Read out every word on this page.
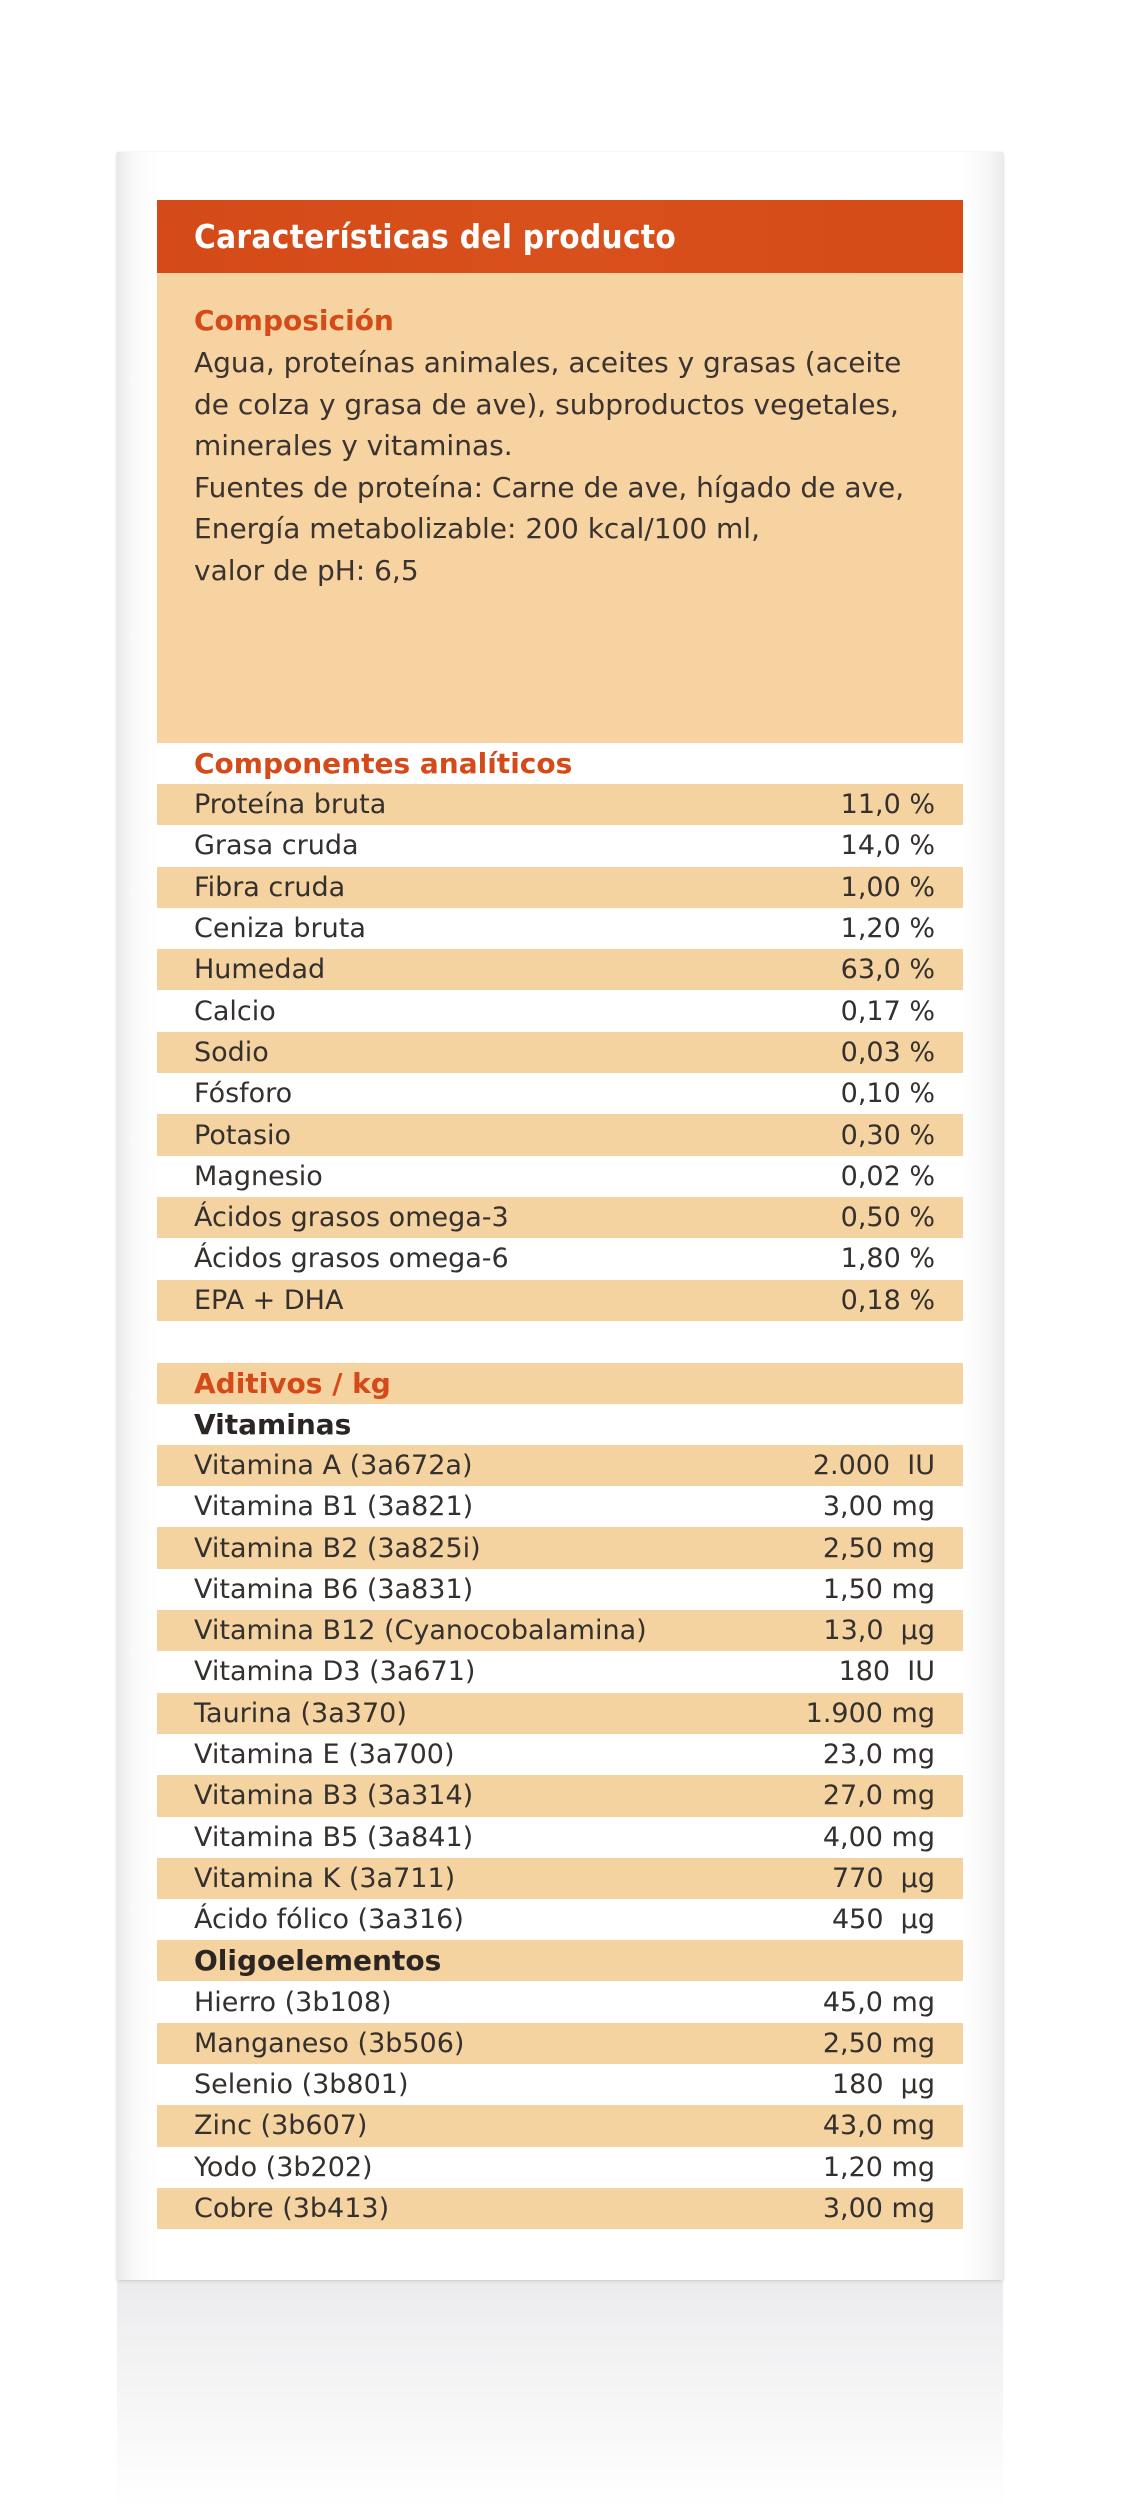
Características del producto
Composición
Agua, proteínas animales, aceites y grasas (aceite
de colza y grasa de ave), subproductos vegetales,
minerales y vitaminas.
Fuentes de proteína: Carne de ave, hígado de ave,
Energía metabolizable: 200 kcal/100 ml,
valor de pH: 6,5
Componentes analíticos
Proteína bruta	11,0 %
Grasa cruda	14,0 %
Fibra cruda	1,00 %
Ceniza bruta	1,20 %
Humedad	63,0 %
Calcio	0,17 %
Sodio	0,03 %
Fósforo	0,10 %
Potasio	0,30 %
Magnesio	0,02 %
Ácidos grasos omega-3	0,50 %
Ácidos grasos omega-6	1,80 %
EPA + DHA	0,18 %
Aditivos / kg
Vitaminas
Vitamina A (3a672a)	2.000  IU
Vitamina B1 (3a821)	3,00 mg
Vitamina B2 (3a825i)	2,50 mg
Vitamina B6 (3a831)	1,50 mg
Vitamina B12 (Cyanocobalamina)	13,0  µg
Vitamina D3 (3a671)	180  IU
Taurina (3a370)	1.900 mg
Vitamina E (3a700)	23,0 mg
Vitamina B3 (3a314)	27,0 mg
Vitamina B5 (3a841)	4,00 mg
Vitamina K (3a711)	770  µg
Ácido fólico (3a316)	450  µg
Oligoelementos
Hierro (3b108)	45,0 mg
Manganeso (3b506)	2,50 mg
Selenio (3b801)	180  µg
Zinc (3b607)	43,0 mg
Yodo (3b202)	1,20 mg
Cobre (3b413)	3,00 mg
